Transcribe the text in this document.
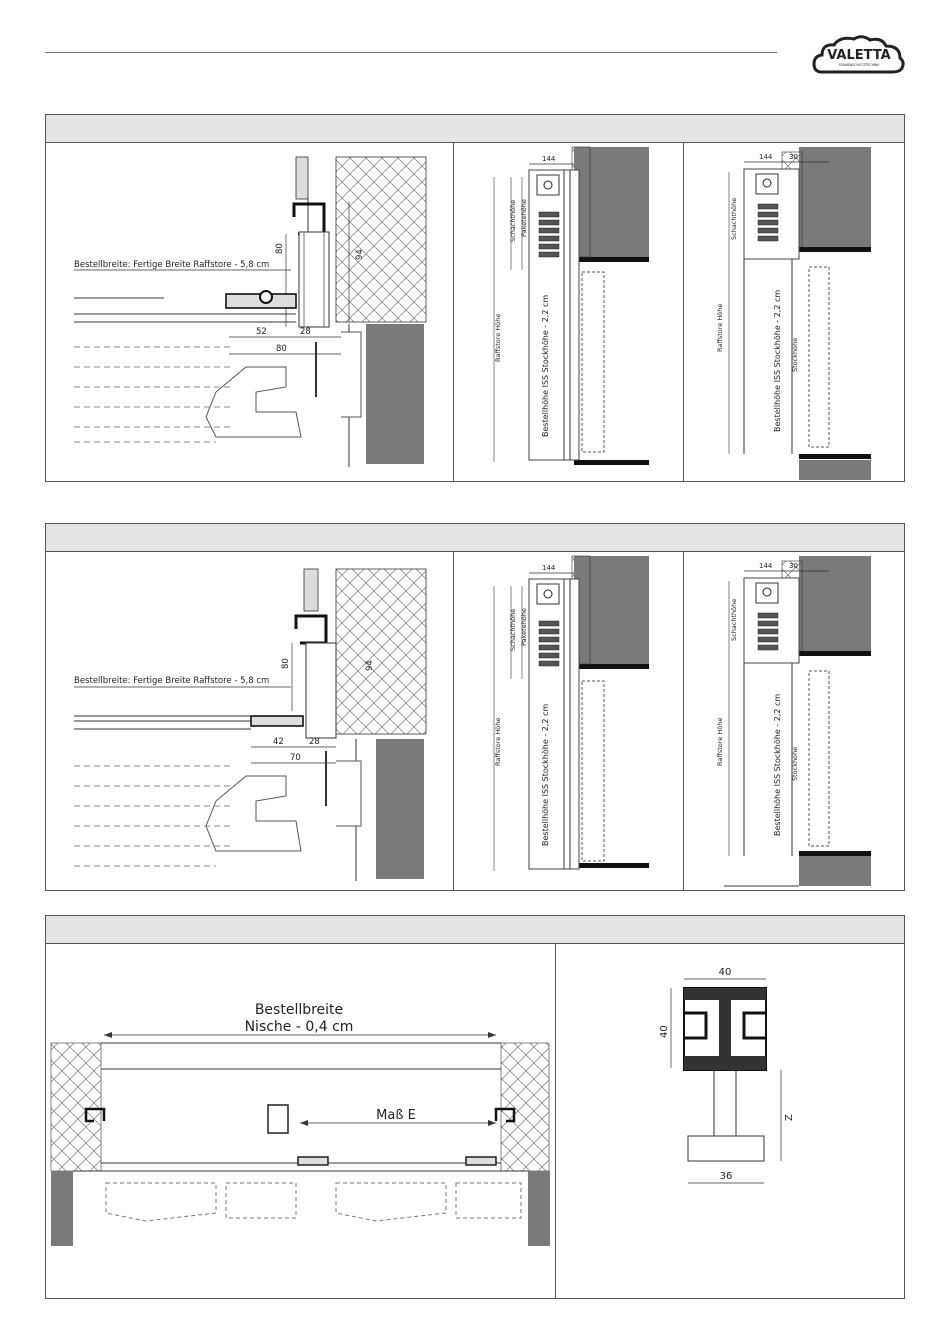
VALETTA
SONNENSCHUTZTECHNIK
80
94
Bestellbreite: Fertige Breite Raffstore - 5,8 cm
52	28
80
144
Schachthöhe Paketehöhe
Raffstore Höhe	Bestellhöhe ISS Stockhöhe - 2,2 cm
144 30
Schachthöhe
Raffstore Höhe	Bestellhöhe ISS Stockhöhe - 2,2 cm Stockhöhe
80	94
Bestellbreite: Fertige Breite Raffstore - 5,8 cm
42	28
70
144
Schachthöhe Paketehöhe
Raffstore Höhe	Bestellhöhe ISS Stockhöhe - 2,2 cm
144 30
Schachthöhe
Raffstore Höhe	Bestellhöhe ISS Stockhöhe - 2,2 cm Stockhöhe
Bestellbreite
Nische - 0,4 cm
Maß E
40
40
Z
36
